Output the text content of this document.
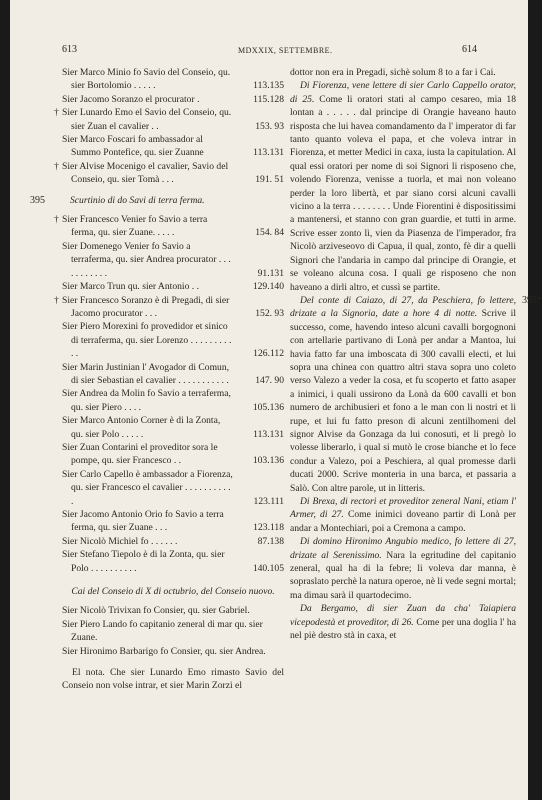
613	MDXXIX, SETTEMBRE.	614

Sier Marco Minio fo Savio del Conseio, qu. sier Bortolomio . . . . .	113.135

Sier Jacomo Soranzo el procurator .	115.128

† Sier Lunardo Emo el Savio del Conseio, qu. sier Zuan el cavalier . .	153. 93

Sier Marco Foscari fo ambassador al Summo Pontefice, qu. sier Zuanne	113.131

† Sier Alvise Mocenigo el cavalier, Savio del Conseio, qu. sier Tomà . . .	191. 51

395	Scurtinio di do Savi di terra ferma.

† Sier Francesco Venier fo Savio a terra ferma, qu. sier Zuane. . . . .	154. 84

Sier Domenego Venier fo Savio a terraferma, qu. sier Andrea procurator . . . . . . . . . . .	91.131

Sier Marco Trun qu. sier Antonio . .	129.140

† Sier Francesco Soranzo è di Pregadi, di sier Jacomo procurator . . .	152. 93

Sier Piero Morexini fo provedidor et sinico di terraferma, qu. sier Lorenzo . . . . . . . . . . .	126.112

Sier Marin Justinian l' Avogador di Comun, di sier Sebastian el cavalier . . . . . . . . . . .	147. 90

Sier Andrea da Molin fo Savio a terraferma, qu. sier Piero . . . .	105.136

Sier Marco Antonio Corner è di la Zonta, qu. sier Polo . . . . .	113.131

Sier Zuan Contarini el proveditor sora le pompe, qu. sier Francesco . .	103.136

Sier Carlo Capello è ambassador a Fiorenza, qu. sier Francesco el cavalier . . . . . . . . . . .	123.111

Sier Jacomo Antonio Orio fo Savio a terra ferma, qu. sier Zuane . . .	123.118

Sier Nicolò Michiel fo . . . . . .	87.138

Sier Stefano Tiepolo è di la Zonta, qu. sier Polo . . . . . . . . . .	140.105

Cai del Conseio di X di octubrio, del Conseio nuovo.

Sier Nicolò Trivixan fo Consier, qu. sier Gabriel.

Sier Piero Lando fo capitanio zeneral di mar qu. sier Zuane.

Sier Hironimo Barbarigo fo Consier, qu. sier Andrea.

El nota. Che sier Lunardo Emo rimasto Savio del Conseio non volse intrar, et sier Marin Zorzi el

dottor non era in Pregadi, sichè solum 8 to a far i Cai.

Di Fiorenza, vene lettere di sier Carlo Cappello orator, di 25. Come li oratori stati al campo cesareo, mia 18 lontan a . . . . . dal principe di Orangie haveano hauto risposta che lui havea comandamento da l' imperator di far tanto quanto voleva el papa, et che voleva intrar in Fiorenza, et metter Medici in caxa, iusta la capitulation. Al qual essi oratori per nome di soi Signori li risposeno che, volendo Fiorenza, venisse a tuorla, et mai non voleano perder la loro libertà, et par siano corsi alcuni cavalli vicino a la terra . . . . . . . . Unde Fiorentini è dispositissimi a mantenersi, et stanno con gran guardie, et tutti in arme. Scrive esser zonto lì, vien da Piasenza de l'imperador, fra Nicolò arziveseovo di Capua, il qual, zonto, fè dir a quelli Signori che l'andaria in campo dal principe di Orangie, et se voleano alcuna cosa. I quali ge risposeno che non haveano a dirli altro, et cussì se partite.

395*
Del conte di Caiazo, di 27, da Peschiera, fo lettere, drizate a la Signoria, date a hore 4 di notte. Scrive il successo, come, havendo inteso alcuni cavalli borgognoni con artellarie partivano di Lonà per andar a Mantoa, lui havia fatto far una imboscata di 300 cavalli electi, et lui sopra una chinea con quattro altri stava sopra uno coleto verso Valezo a veder la cosa, et fu scoperto et fatto asaper a inimici, i quali ussirono da Lonà da 600 cavalli et bon numero de archibusieri et fono a le man con li nostri et li rupe, et lui fu fatto preson di alcuni zentilhomeni del signor Alvise da Gonzaga da lui conosuti, et li pregò lo volesse liberarlo, i qual si mutò le crose bianche et lo fece condur a Valezo, poi a Peschiera, al qual promesse darli ducati 2000. Scrive monteria in una barca, et passaria a Salò. Con altre parole, ut in litteris.

Di Brexa, di rectori et proveditor zeneral Nani, etiam l' Armer, di 27. Come inimici doveano partir di Lonà per andar a Montechiari, poi a Cremona a campo.

Di domino Hironimo Angubio medico, fo lettere di 27, drizate al Serenissimo. Nara la egritudine del capitanio zeneral, qual ha di la febre; li voleva dar manna, è sopraslato perchè la natura operoe, nè li vede segni mortal; ma dimau sarà il quartodecimo.

Da Bergamo, di sier Zuan da cha' Taiapiera vicepodestà et proveditor, di 26. Come per una doglia l' ha nel piè destro stà in caxa, et
